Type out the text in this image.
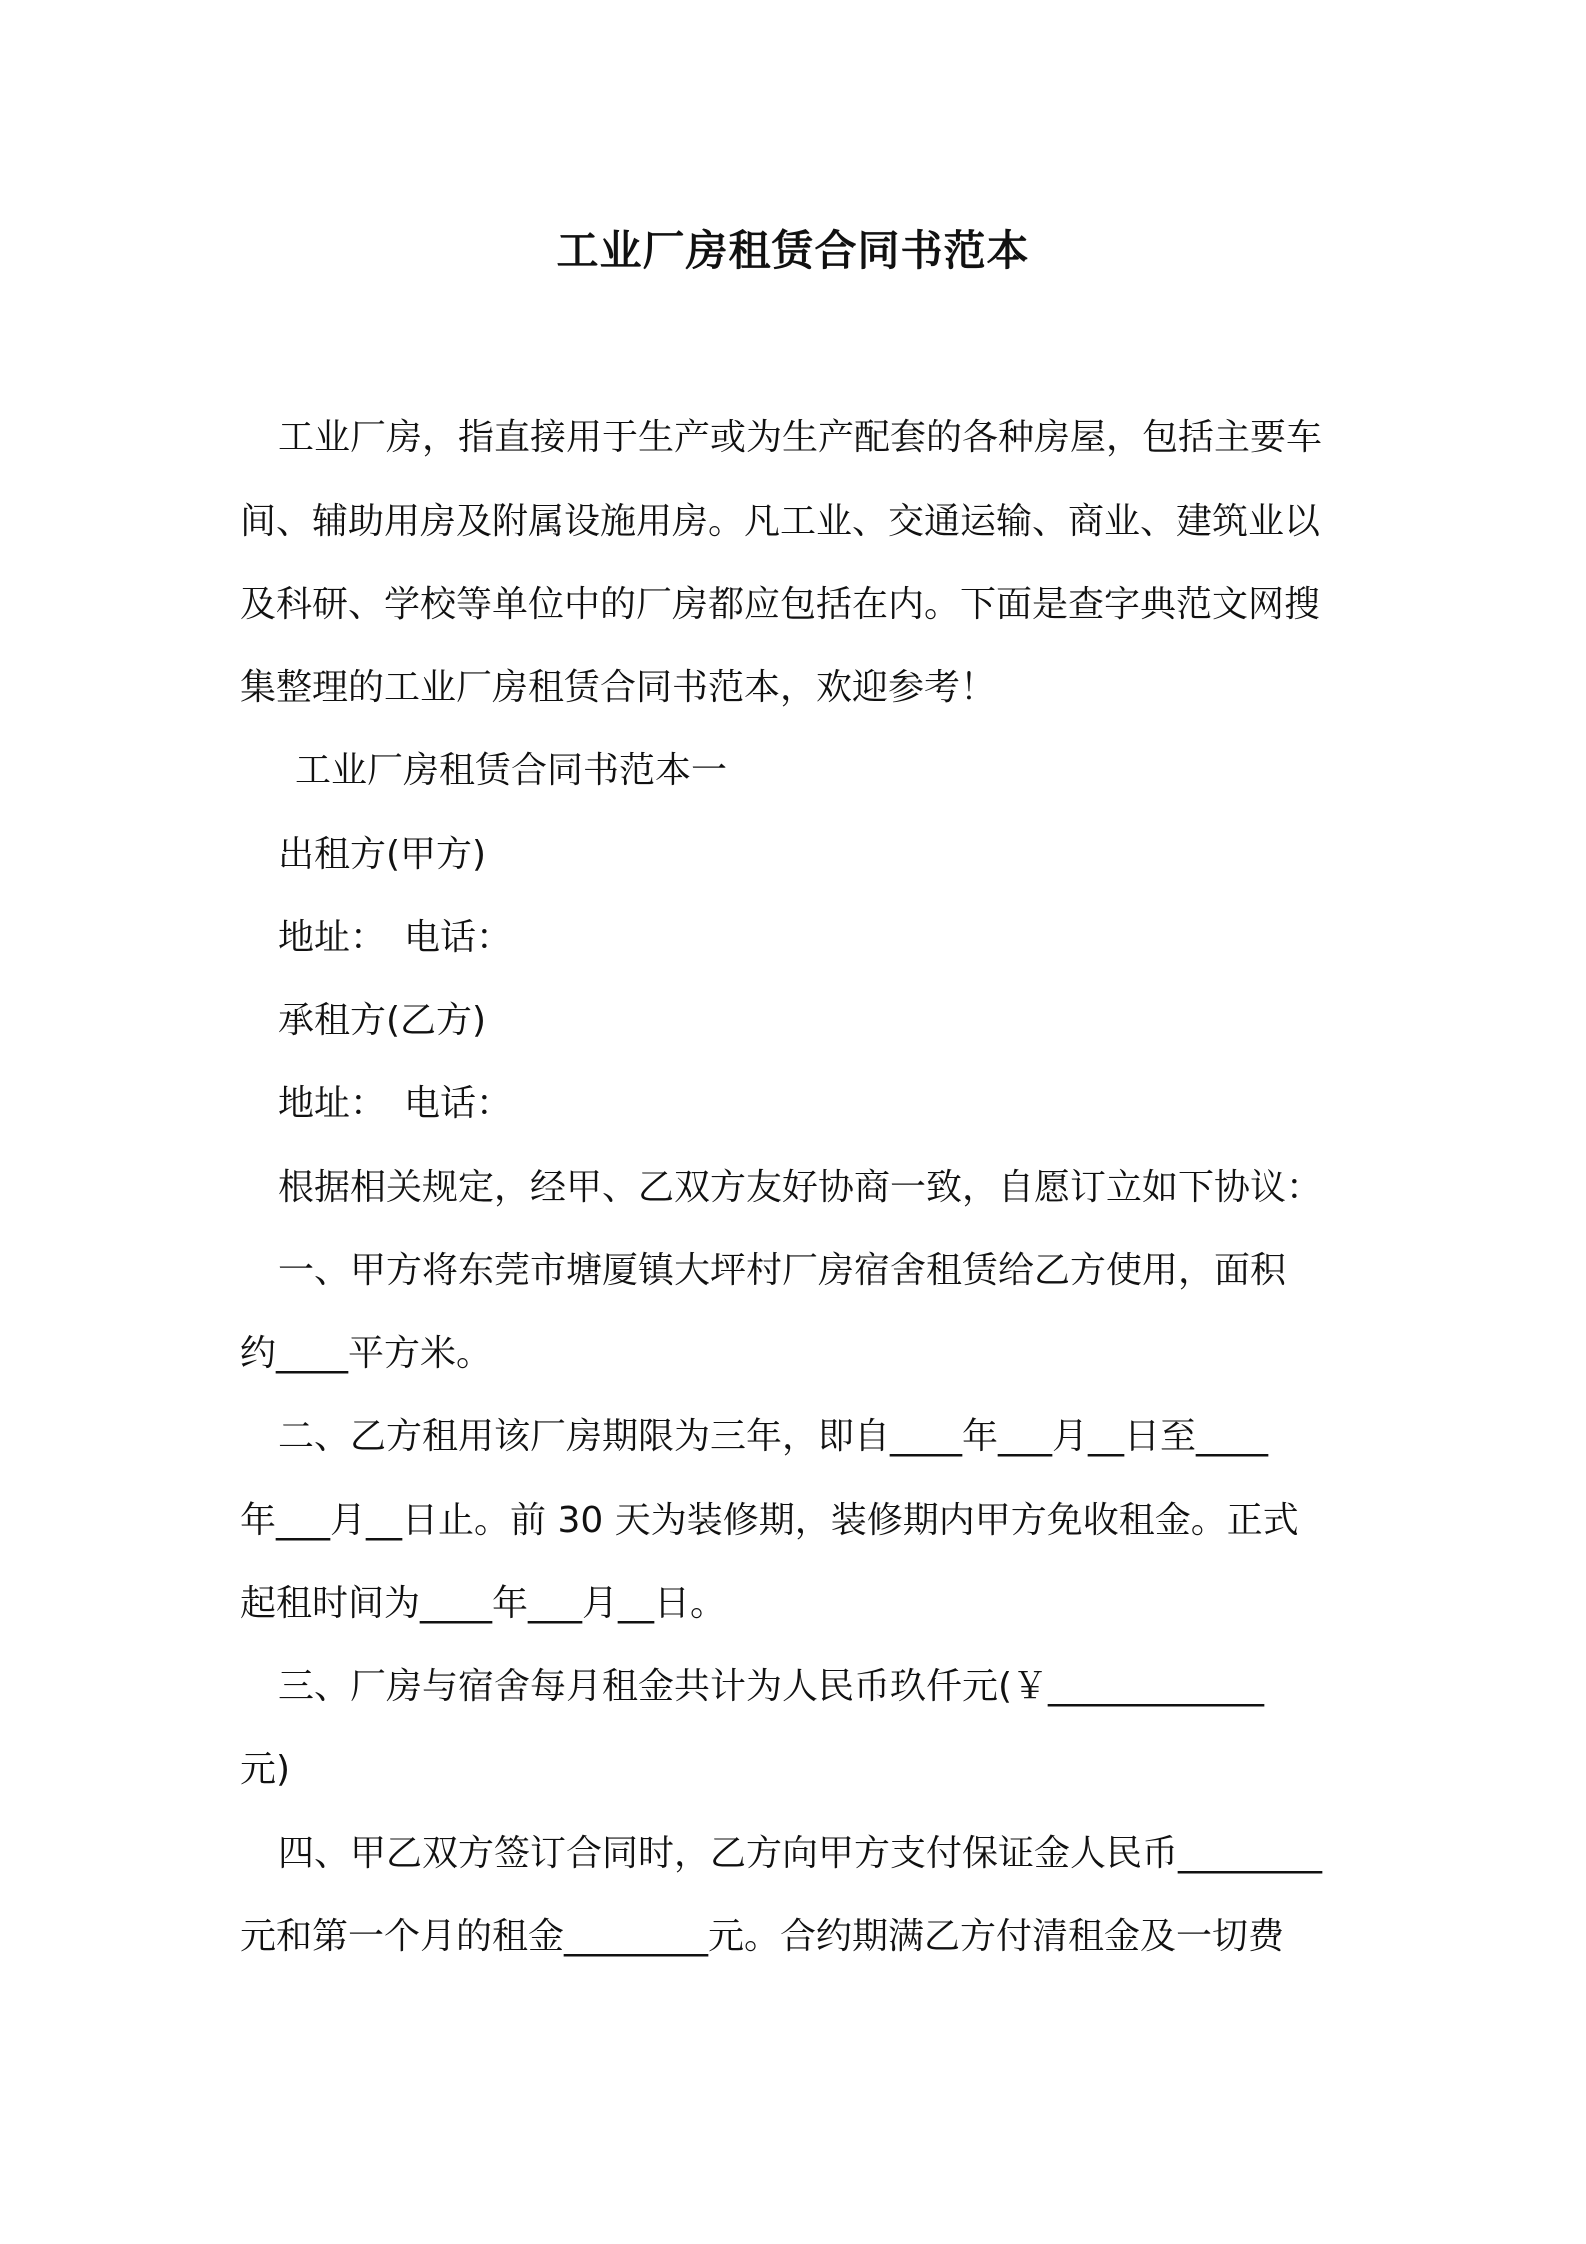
工业厂房租赁合同书范本
工业厂房，指直接用于生产或为生产配套的各种房屋，包括主要车
间、辅助用房及附属设施用房。凡工业、交通运输、商业、建筑业以
及科研、学校等单位中的厂房都应包括在内。下面是查字典范文网搜
集整理的工业厂房租赁合同书范本，欢迎参考！
工业厂房租赁合同书范本一
出租方(甲方)
地址：　电话：
承租方(乙方)
地址：　电话：
根据相关规定，经甲、乙双方友好协商一致，自愿订立如下协议：
一、甲方将东莞市塘厦镇大坪村厂房宿舍租赁给乙方使用，面积
约____平方米。
二、乙方租用该厂房期限为三年，即自____年___月__日至____
年___月__日止。前 30 天为装修期，装修期内甲方免收租金。正式
起租时间为____年___月__日。
三、厂房与宿舍每月租金共计为人民币玖仟元(￥____________
元)
四、甲乙双方签订合同时，乙方向甲方支付保证金人民币________
元和第一个月的租金________元。合约期满乙方付清租金及一切费
